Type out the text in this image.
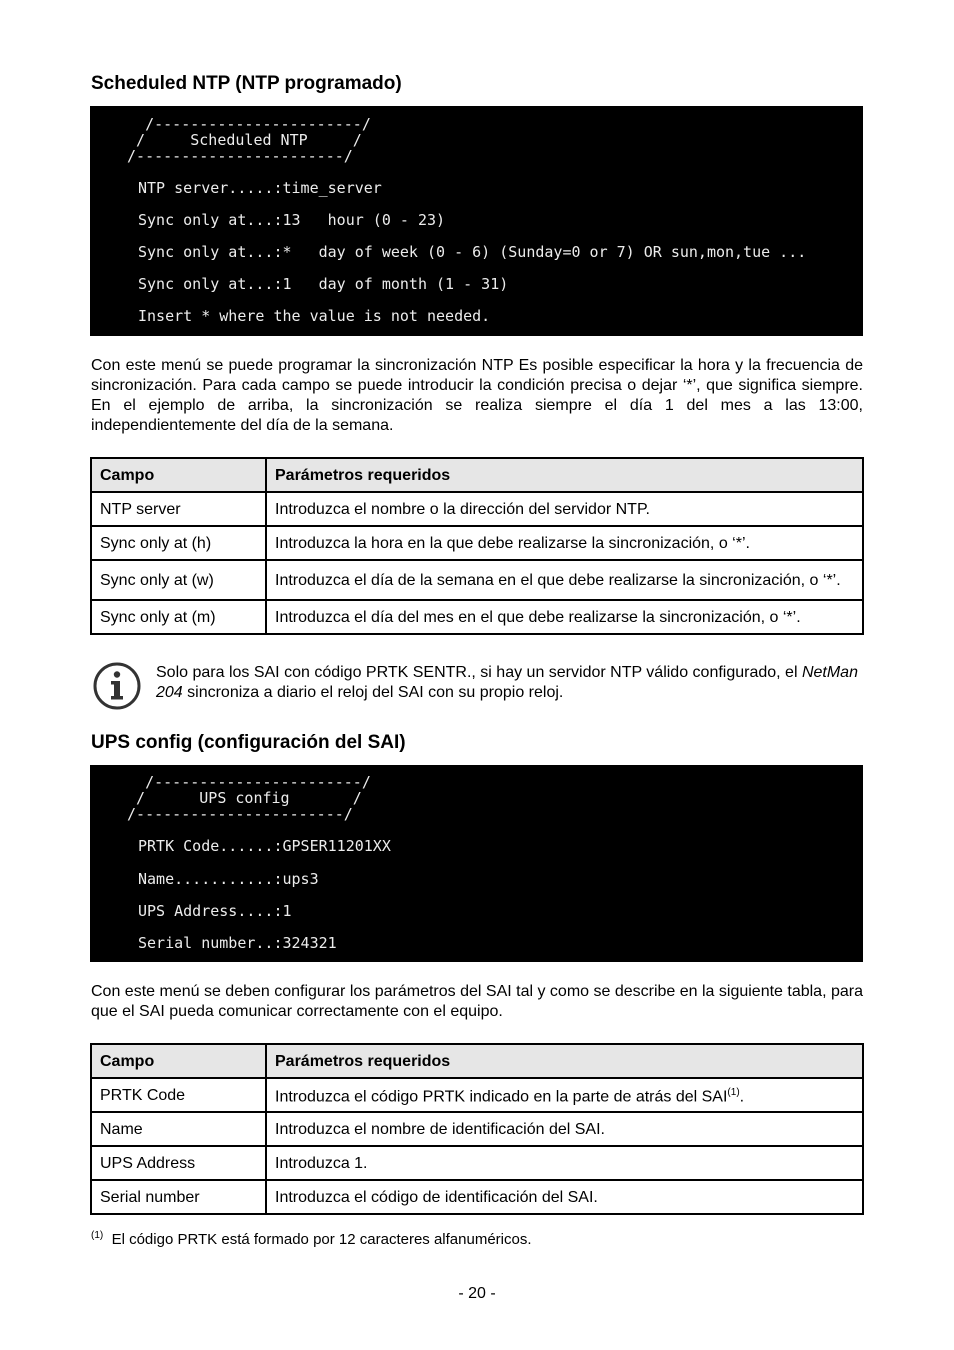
Scheduled NTP (NTP programado)
/-----------------------/
/     Scheduled NTP     /
/-----------------------/
NTP server.....:time_server
Sync only at...:13   hour (0 - 23)
Sync only at...:*   day of week (0 - 6) (Sunday=0 or 7) OR sun,mon,tue ...
Sync only at...:1   day of month (1 - 31)
Insert * where the value is not needed.
Con este menú se puede programar la sincronización NTP Es posible especificar la hora y la frecuencia de sincronización. Para cada campo se puede introducir la condición precisa o dejar ‘*’, que significa siempre. En el ejemplo de arriba, la sincronización se realiza siempre el día 1 del mes a las 13:00, independientemente del día de la semana.
Campo	Parámetros requeridos
NTP server	Introduzca el nombre o la dirección del servidor NTP.
Sync only at (h)	Introduzca la hora en la que debe realizarse la sincronización, o ‘*’.
Sync only at (w)	Introduzca el día de la semana en el que debe realizarse la sincronización, o ‘*’.
Sync only at (m)	Introduzca el día del mes en el que debe realizarse la sincronización, o ‘*’.
Solo para los SAI con código PRTK SENTR., si hay un servidor NTP válido configurado, el NetMan 204 sincroniza a diario el reloj del SAI con su propio reloj.
UPS config (configuración del SAI)
/-----------------------/
/      UPS config       /
/-----------------------/
PRTK Code......:GPSER11201XX
Name...........:ups3
UPS Address....:1
Serial number..:324321
Con este menú se deben configurar los parámetros del SAI tal y como se describe en la siguiente tabla, para que el SAI pueda comunicar correctamente con el equipo.
Campo	Parámetros requeridos
PRTK Code	Introduzca el código PRTK indicado en la parte de atrás del SAI$^{(1)}$.
Name	Introduzca el nombre de identificación del SAI.
UPS Address	Introduzca 1.
Serial number	Introduzca el código de identificación del SAI.
$^{(1)}$ El código PRTK está formado por 12 caracteres alfanuméricos.
- 20 -
